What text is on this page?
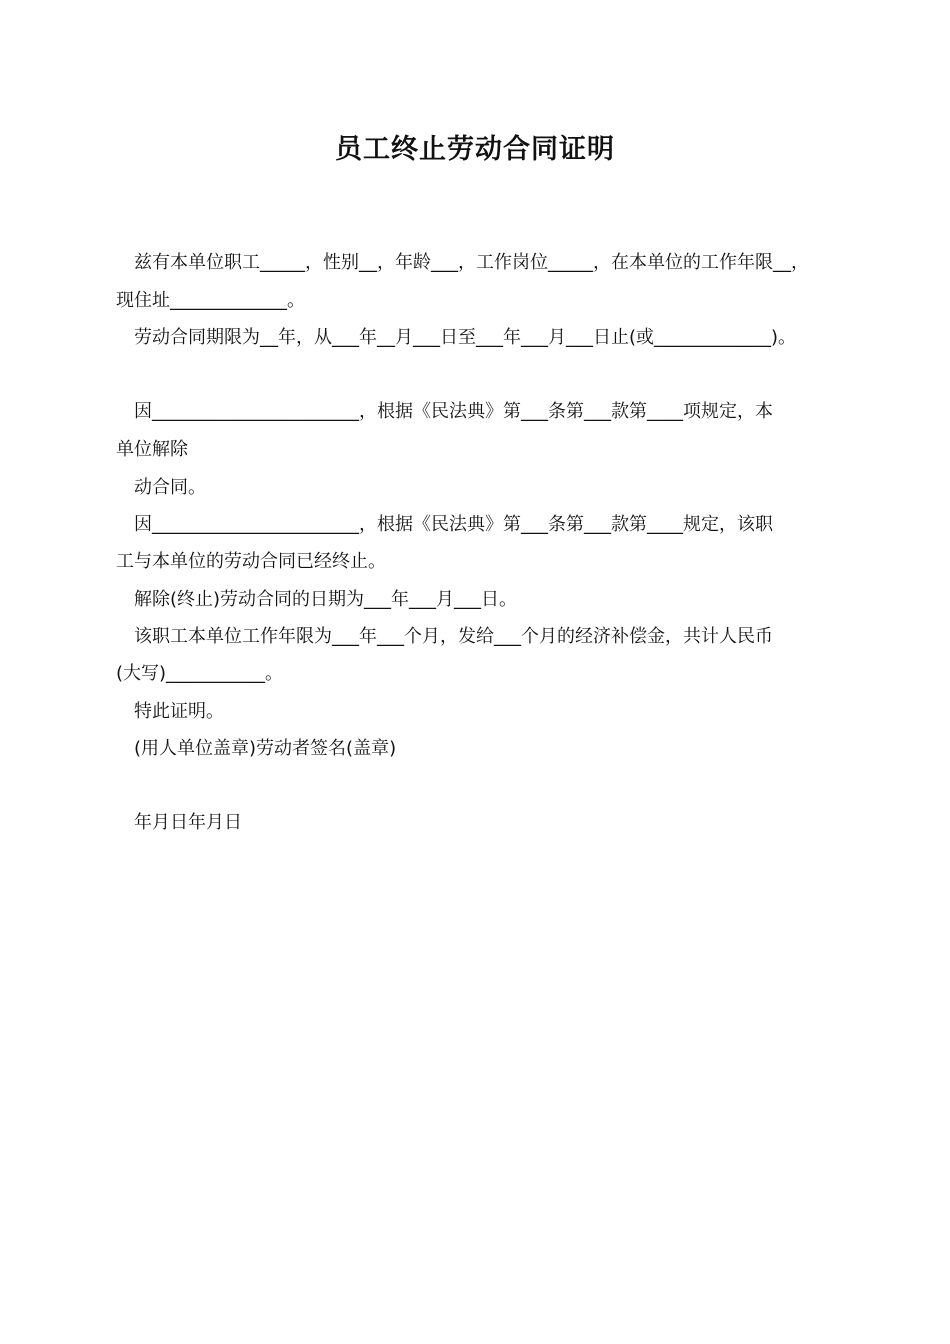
员工终止劳动合同证明
兹有本单位职工_____，性别__，年龄___，工作岗位_____，在本单位的工作年限__，
现住址_____________。
劳动合同期限为__年，从___年__月___日至___年___月___日止(或_____________)。
因_______________________，根据《民法典》第___条第___款第____项规定，本
单位解除
动合同。
因_______________________，根据《民法典》第___条第___款第____规定，该职
工与本单位的劳动合同已经终止。
解除(终止)劳动合同的日期为___年___月___日。
该职工本单位工作年限为___年___个月，发给___个月的经济补偿金，共计人民币
(大写)___________。
特此证明。
(用人单位盖章)劳动者签名(盖章)
年月日年月日
